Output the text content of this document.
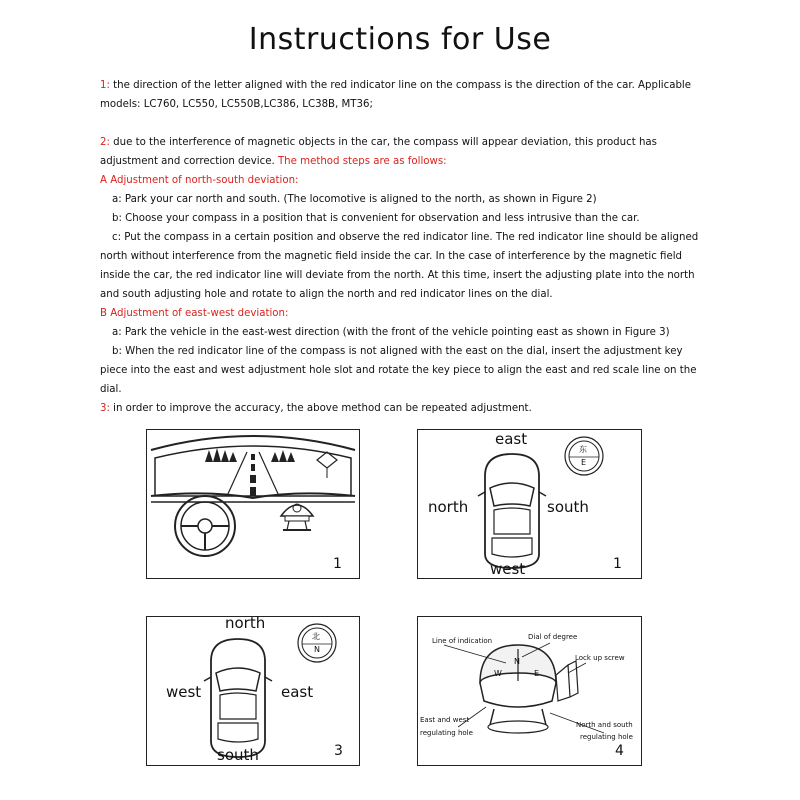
Instructions for Use

1: the direction of the letter aligned with the red indicator line on the compass is the direction of the car. Applicable models: LC760, LC550, LC550B,LC386, LC38B, MT36;

2: due to the interference of magnetic objects in the car, the compass will appear deviation, this product has adjustment and correction device. The method steps are as follows:

A Adjustment of north-south deviation:

a: Park your car north and south. (The locomotive is aligned to the north, as shown in Figure 2)

b: Choose your compass in a position that is convenient for observation and less intrusive than the car.

c: Put the compass in a certain position and observe the red indicator line. The red indicator line should be aligned north without interference from the magnetic field inside the car. In the case of interference by the magnetic field inside the car, the red indicator line will deviate from the north. At this time, insert the adjusting plate into the north and south adjusting hole and rotate to align the north and red indicator lines on the dial.

B Adjustment of east-west deviation:

a: Park the vehicle in the east-west direction (with the front of the vehicle pointing east as shown in Figure 3)

b: When the red indicator line of the compass is not aligned with the east on the dial, insert the adjustment key piece into the east and west adjustment hole slot and rotate the key piece to align the east and red scale line on the dial.

3: in order to improve the accuracy, the above method can be repeated adjustment.

1
east
north	south
west
东
E
1
north
west	east
south
北
N
3
Line of indication	Dial of degree
Lock up screw
East and west
regulating hole
North and south
regulating hole
W	E
N
4
